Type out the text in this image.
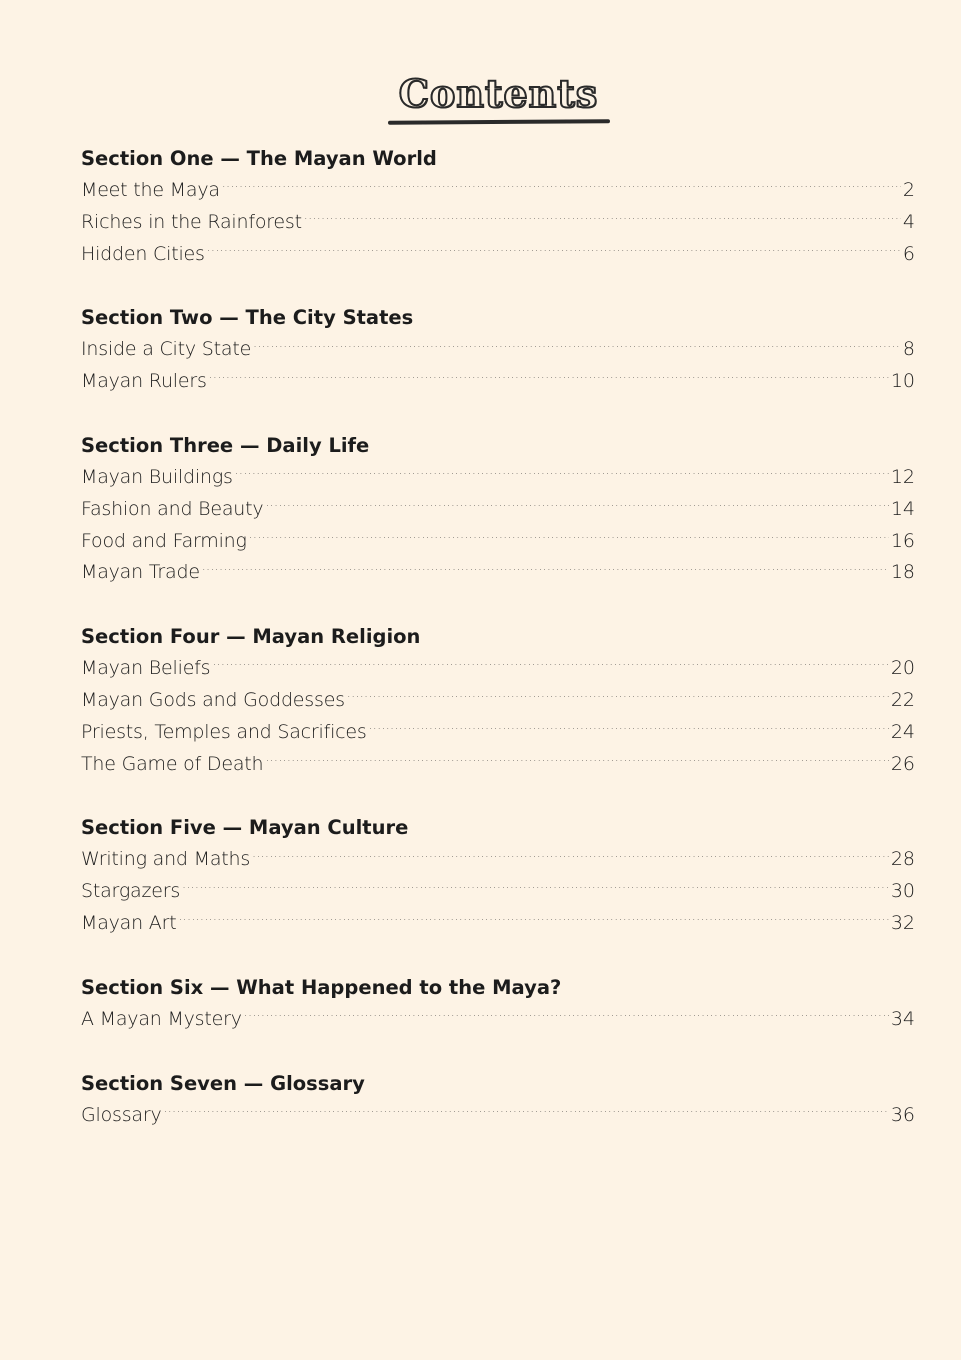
Contents
Section One — The Mayan World
Meet the Maya .....	2
Riches in the Rainforest .....	4
Hidden Cities .....	6
Section Two — The City States
Inside a City State .....	8
Mayan Rulers .....	10
Section Three — Daily Life
Mayan Buildings .....	12
Fashion and Beauty .....	14
Food and Farming .....	16
Mayan Trade .....	18
Section Four — Mayan Religion
Mayan Beliefs .....	20
Mayan Gods and Goddesses .....	22
Priests, Temples and Sacrifices .....	24
The Game of Death .....	26
Section Five — Mayan Culture
Writing and Maths .....	28
Stargazers .....	30
Mayan Art .....	32
Section Six — What Happened to the Maya?
A Mayan Mystery .....	34
Section Seven — Glossary
Glossary .....	36
